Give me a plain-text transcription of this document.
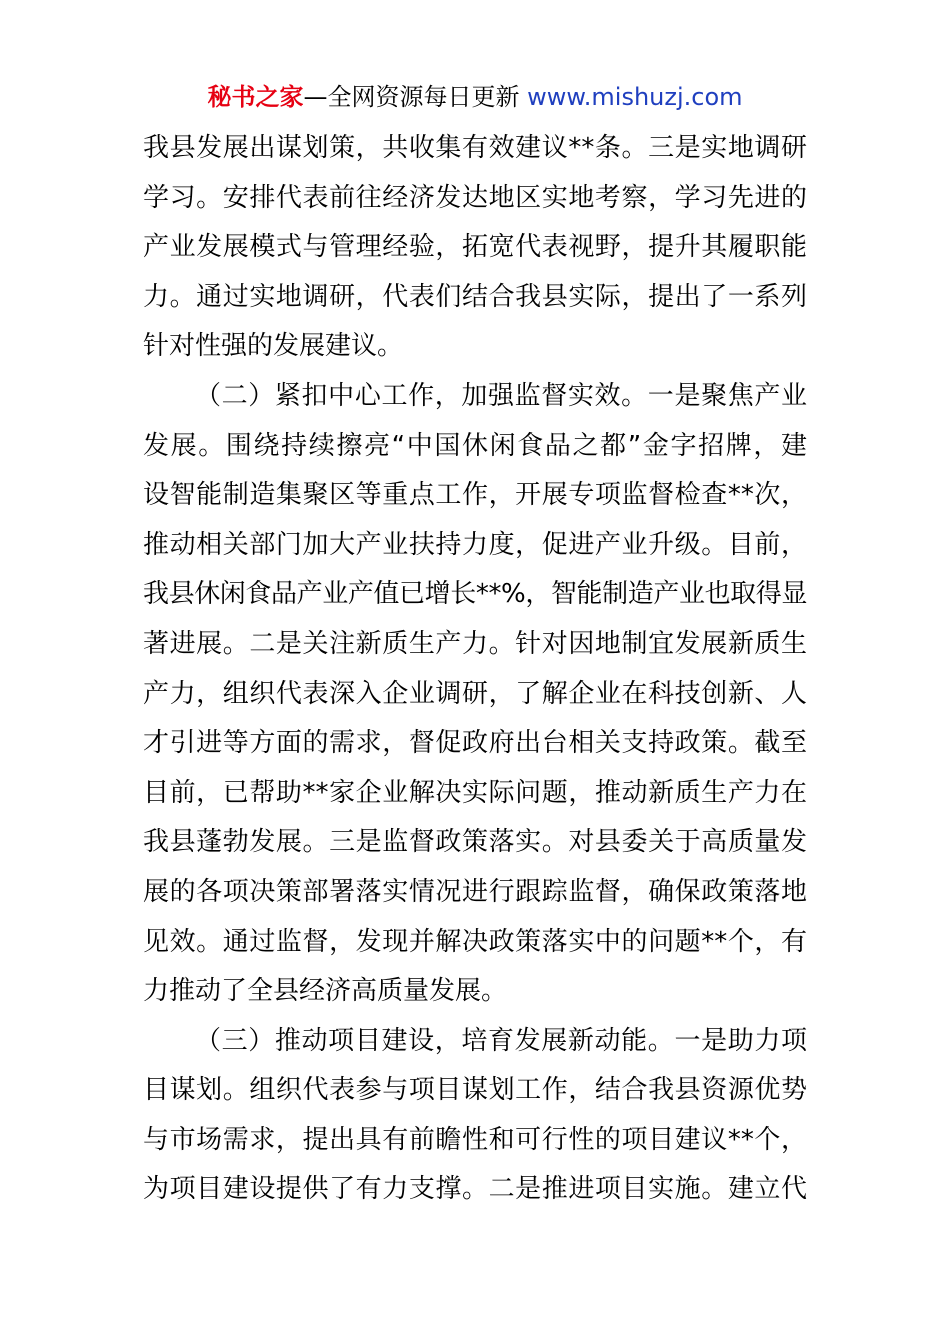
秘书之家—全网资源每日更新 www.mishuzj.com
我县发展出谋划策，共收集有效建议**条。三是实地调研
学习。安排代表前往经济发达地区实地考察，学习先进的
产业发展模式与管理经验，拓宽代表视野，提升其履职能
力。通过实地调研，代表们结合我县实际，提出了一系列
针对性强的发展建议。
（二）紧扣中心工作，加强监督实效。一是聚焦产业
发展。围绕持续擦亮“中国休闲食品之都”金字招牌，建
设智能制造集聚区等重点工作，开展专项监督检查**次，
推动相关部门加大产业扶持力度，促进产业升级。目前，
我县休闲食品产业产值已增长**%，智能制造产业也取得显
著进展。二是关注新质生产力。针对因地制宜发展新质生
产力，组织代表深入企业调研，了解企业在科技创新、人
才引进等方面的需求，督促政府出台相关支持政策。截至
目前，已帮助**家企业解决实际问题，推动新质生产力在
我县蓬勃发展。三是监督政策落实。对县委关于高质量发
展的各项决策部署落实情况进行跟踪监督，确保政策落地
见效。通过监督，发现并解决政策落实中的问题**个，有
力推动了全县经济高质量发展。
（三）推动项目建设，培育发展新动能。一是助力项
目谋划。组织代表参与项目谋划工作，结合我县资源优势
与市场需求，提出具有前瞻性和可行性的项目建议**个，
为项目建设提供了有力支撑。二是推进项目实施。建立代
